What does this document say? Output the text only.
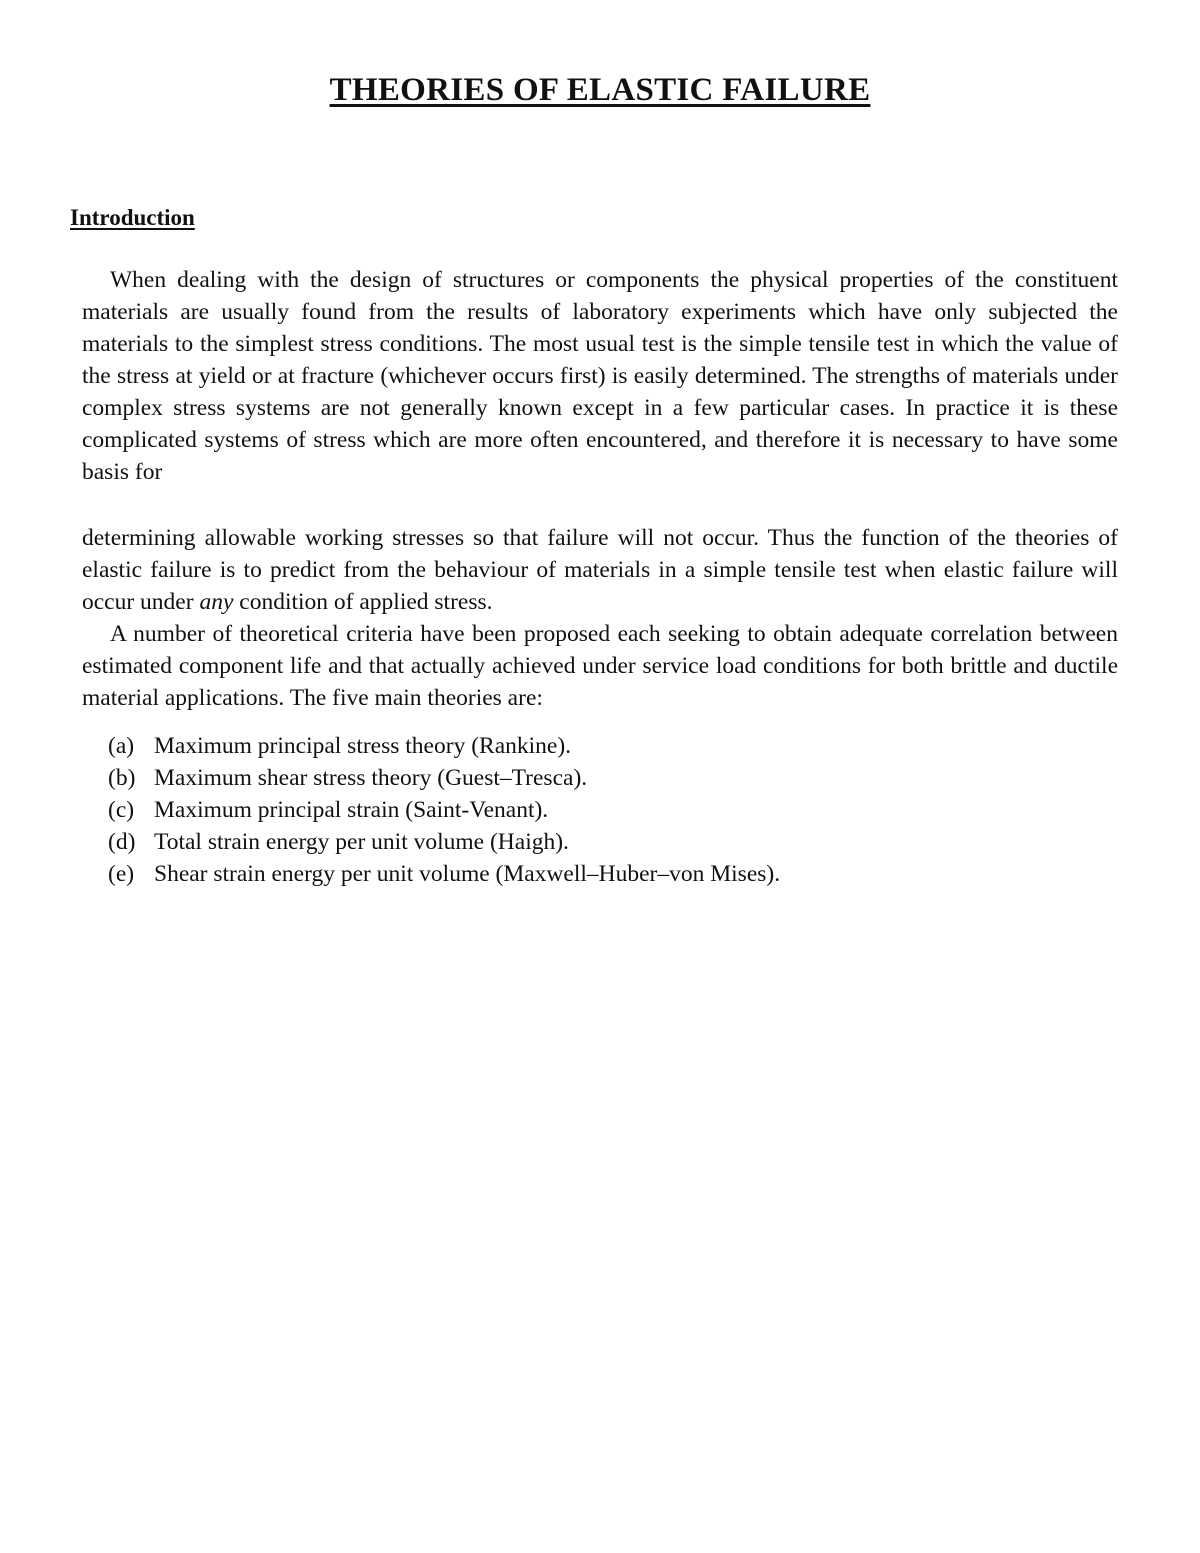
THEORIES OF ELASTIC FAILURE
Introduction

When dealing with the design of structures or components the physical properties of the constituent materials are usually found from the results of laboratory experiments which have only subjected the materials to the simplest stress conditions. The most usual test is the simple tensile test in which the value of the stress at yield or at fracture (whichever occurs first) is easily determined. The strengths of materials under complex stress systems are not generally known except in a few particular cases. In practice it is these complicated systems of stress which are more often encountered, and therefore it is necessary to have some basis for

determining allowable working stresses so that failure will not occur. Thus the function of the theories of elastic failure is to predict from the behaviour of materials in a simple tensile test when elastic failure will occur under any condition of applied stress.

A number of theoretical criteria have been proposed each seeking to obtain adequate correlation between estimated component life and that actually achieved under service load conditions for both brittle and ductile material applications. The five main theories are:

(a) Maximum principal stress theory (Rankine).
(b) Maximum shear stress theory (Guest–Tresca).
(c) Maximum principal strain (Saint-Venant).
(d) Total strain energy per unit volume (Haigh).
(e) Shear strain energy per unit volume (Maxwell–Huber–von Mises).
